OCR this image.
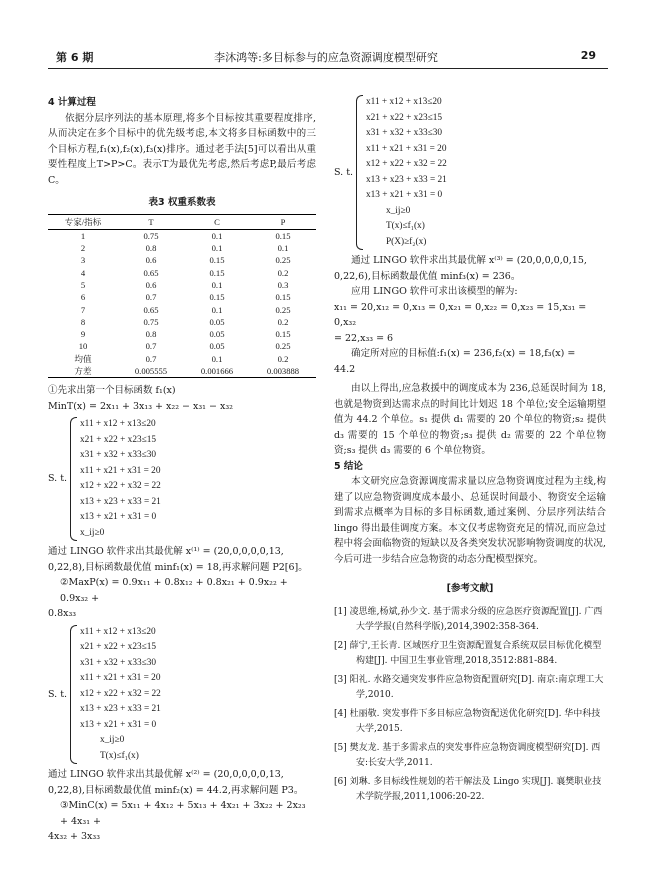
第 6 期	李沐鸿等:多目标参与的应急资源调度模型研究	29
4 计算过程

依据分层序列法的基本原理,将多个目标按其重要程度排序,从而决定在多个目标中的优先级考虑,本文将多目标函数中的三个目标方程,f₁(x),f₂(x),f₃(x)排序。通过老手法[5]可以看出从重要性程度上T>P>C。表示T为最优先考虑,然后考虑P,最后考虑C。

表3 权重系数表
专家/指标	T	C	P
1	0.75	0.1	0.15
2	0.8	0.1	0.1
3	0.6	0.15	0.25
4	0.65	0.15	0.2
5	0.6	0.1	0.3
6	0.7	0.15	0.15
7	0.65	0.1	0.25
8	0.75	0.05	0.2
9	0.8	0.05	0.15
10	0.7	0.05	0.25
均值	0.7	0.1	0.2
方差	0.005555	0.001666	0.003888
①先求出第一个目标函数 f₁(x)
MinT(x) = 2x₁₁ + 3x₁₃ + x₂₂ − x₃₁ − x₃₂
S. t.
x11 + x12 + x13≤20
x21 + x22 + x23≤15
x31 + x32 + x33≤30
x11 + x21 + x31 = 20
x12 + x22 + x32 = 22
x13 + x23 + x33 = 21
x13 + x21 + x31 = 0
x_ij≥0
通过 LINGO 软件求出其最优解 x⁽¹⁾ = (20,0,0,0,0,13,
0,22,8),目标函数最优值 minf₁(x) = 18,再求解问题 P2[6]。
②MaxP(x) = 0.9x₁₁ + 0.8x₁₂ + 0.8x₂₁ + 0.9x₂₂ + 0.9x₃₂ +
0.8x₃₃
S. t.
x11 + x12 + x13≤20
x21 + x22 + x23≤15
x31 + x32 + x33≤30
x11 + x21 + x31 = 20
x12 + x22 + x32 = 22
x13 + x23 + x33 = 21
x13 + x21 + x31 = 0
x_ij≥0
T(x)≤f₁(x)
通过 LINGO 软件求出其最优解 x⁽²⁾ = (20,0,0,0,0,13,
0,22,8),目标函数最优值 minf₂(x) = 44.2,再求解问题 P3。
③MinC(x) = 5x₁₁ + 4x₁₂ + 5x₁₃ + 4x₂₁ + 3x₂₂ + 2x₂₃ + 4x₃₁ +
4x₃₂ + 3x₃₃
S. t.
x11 + x12 + x13≤20
x21 + x22 + x23≤15
x31 + x32 + x33≤30
x11 + x21 + x31 = 20
x12 + x22 + x32 = 22
x13 + x23 + x33 = 21
x13 + x21 + x31 = 0
x_ij≥0
T(x)≤f₁(x)
P(X)≥f₂(x)

通过 LINGO 软件求出其最优解 x⁽³⁾ = (20,0,0,0,0,15,

0,22,6),目标函数最优值 minf₃(x) = 236。

应用 LINGO 软件可求出该模型的解为:

x₁₁ = 20,x₁₂ = 0,x₁₃ = 0,x₂₁ = 0,x₂₂ = 0,x₂₃ = 15,x₃₁ = 0,x₃₂
= 22,x₃₃ = 6

确定所对应的目标值:f₁(x) = 236,f₂(x) = 18,f₃(x) =

44.2

由以上得出,应急救援中的调度成本为 236,总延误时间为 18,也就是物资到达需求点的时间比计划迟 18 个单位;安全运输期望值为 44.2 个单位。s₁ 提供 d₁ 需要的 20 个单位的物资;s₂ 提供 d₃ 需要的 15 个单位的物资;s₃ 提供 d₂ 需要的 22 个单位物资;s₃ 提供 d₃ 需要的 6 个单位物资。

5 结论

本文研究应急资源调度需求量以应急物资调度过程为主线,构建了以应急物资调度成本最小、总延误时间最小、物资安全运输到需求点概率为目标的多目标函数,通过案例、分层序列法结合 lingo 得出最佳调度方案。本文仅考虑物资充足的情况,而应急过程中将会面临物资的短缺以及各类突发状况影响物资调度的状况,今后可进一步结合应急物资的动态分配模型探究。

[参考文献]
[1] 凌思维,杨斌,孙少文. 基于需求分级的应急医疗资源配置[J]. 广西大学学报(自然科学版),2014,3902:358-364.
[2] 薛宁,王长青. 区域医疗卫生资源配置复合系统双层目标优化模型构建[J]. 中国卫生事业管理,2018,3512:881-884.
[3] 阳礼. 水路交通突发事件应急物资配置研究[D]. 南京:南京理工大学,2010.
[4] 杜丽敬. 突发事件下多目标应急物资配送优化研究[D]. 华中科技大学,2015.
[5] 樊友龙. 基于多需求点的突发事件应急物资调度模型研究[D]. 西安:长安大学,2011.
[6] 刘琳. 多目标线性规划的若干解法及 Lingo 实现[J]. 襄樊职业技术学院学报,2011,1006:20-22.
